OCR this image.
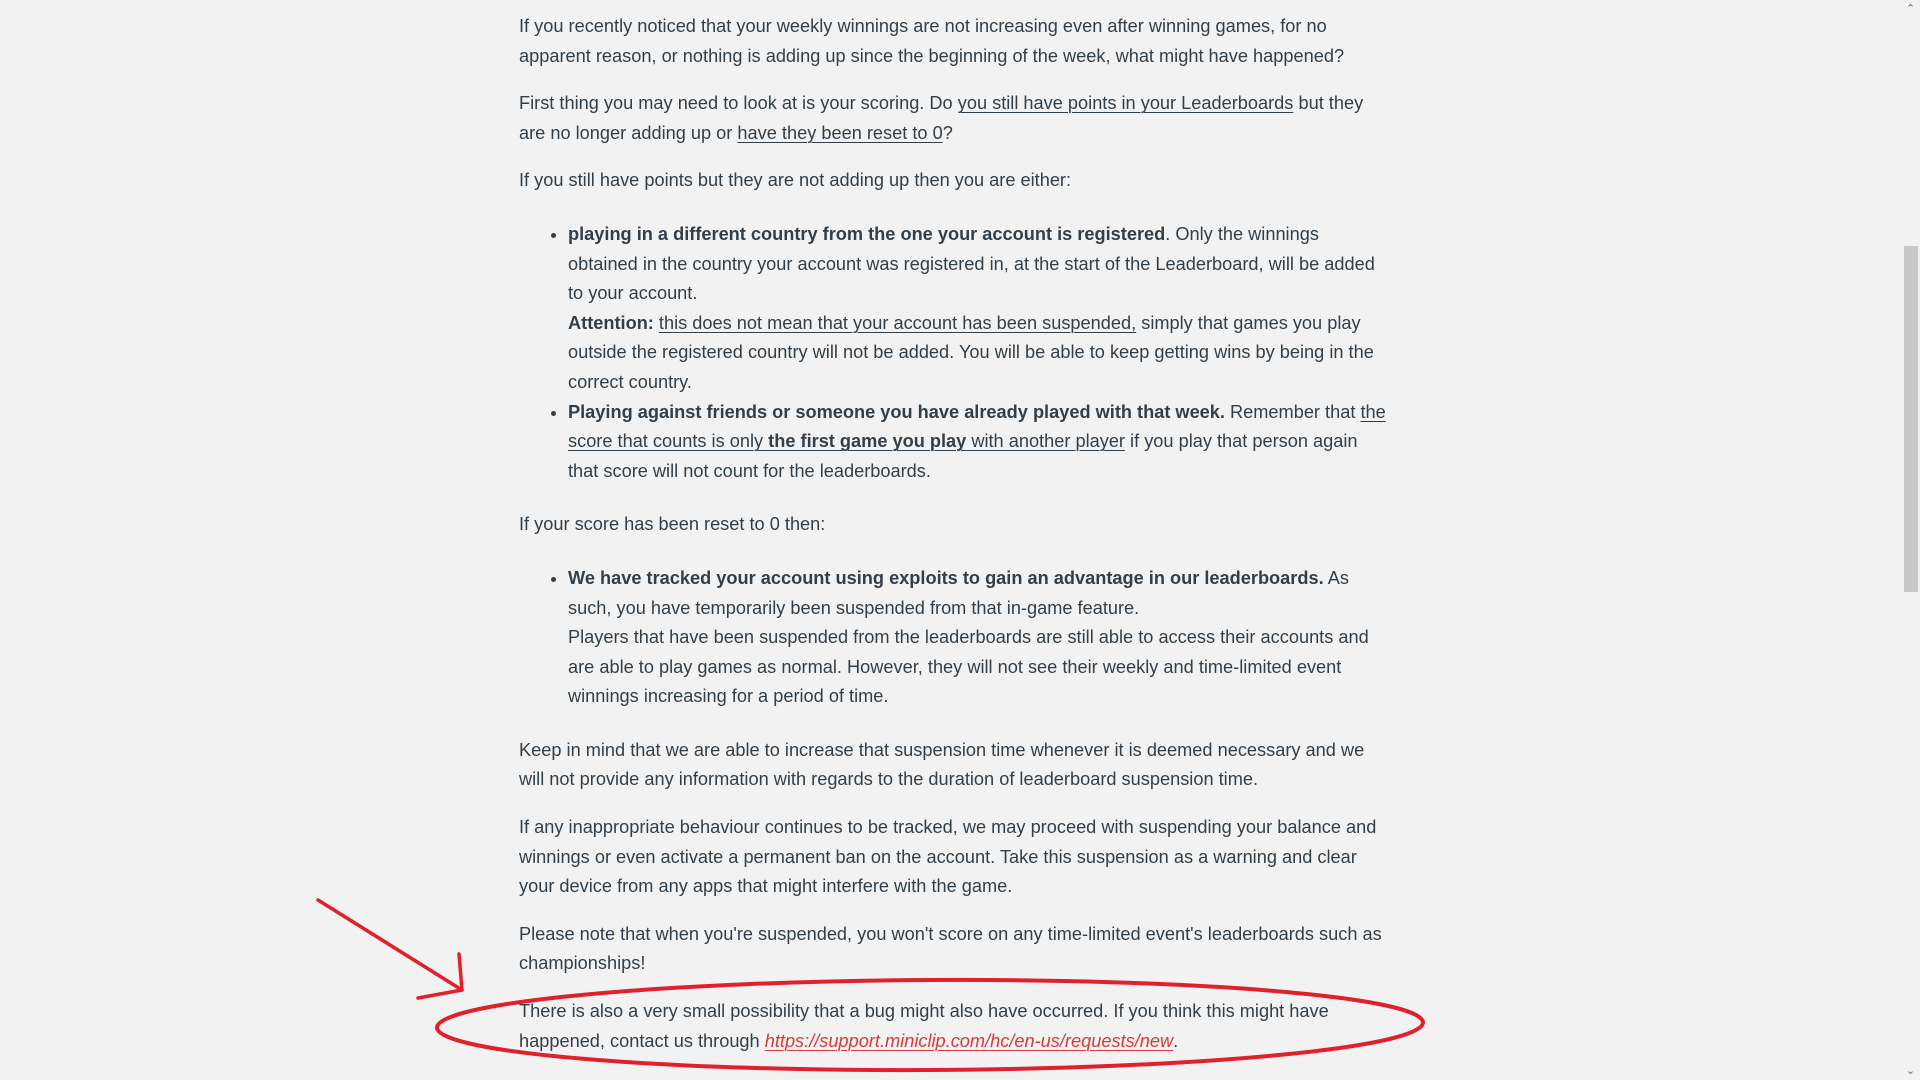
If you recently noticed that your weekly winnings are not increasing even after winning games, for no apparent reason, or nothing is adding up since the beginning of the week, what might have happened?

First thing you may need to look at is your scoring. Do you still have points in your Leaderboards but they are no longer adding up or have they been reset to 0?

If you still have points but they are not adding up then you are either:

• playing in a different country from the one your account is registered. Only the winnings obtained in the country your account was registered in, at the start of the Leaderboard, will be added to your account.
Attention: this does not mean that your account has been suspended, simply that games you play outside the registered country will not be added. You will be able to keep getting wins by being in the correct country.
• Playing against friends or someone you have already played with that week. Remember that the score that counts is only the first game you play with another player if you play that person again that score will not count for the leaderboards.

If your score has been reset to 0 then:

• We have tracked your account using exploits to gain an advantage in our leaderboards. As such, you have temporarily been suspended from that in-game feature.
Players that have been suspended from the leaderboards are still able to access their accounts and are able to play games as normal. However, they will not see their weekly and time-limited event winnings increasing for a period of time.

Keep in mind that we are able to increase that suspension time whenever it is deemed necessary and we will not provide any information with regards to the duration of leaderboard suspension time.

If any inappropriate behaviour continues to be tracked, we may proceed with suspending your balance and winnings or even activate a permanent ban on the account. Take this suspension as a warning and clear your device from any apps that might interfere with the game.

Please note that when you're suspended, you won't score on any time-limited event's leaderboards such as championships!

There is also a very small possibility that a bug might also have occurred. If you think this might have happened, contact us through https://support.miniclip.com/hc/en-us/requests/new.

⌃
⌄
